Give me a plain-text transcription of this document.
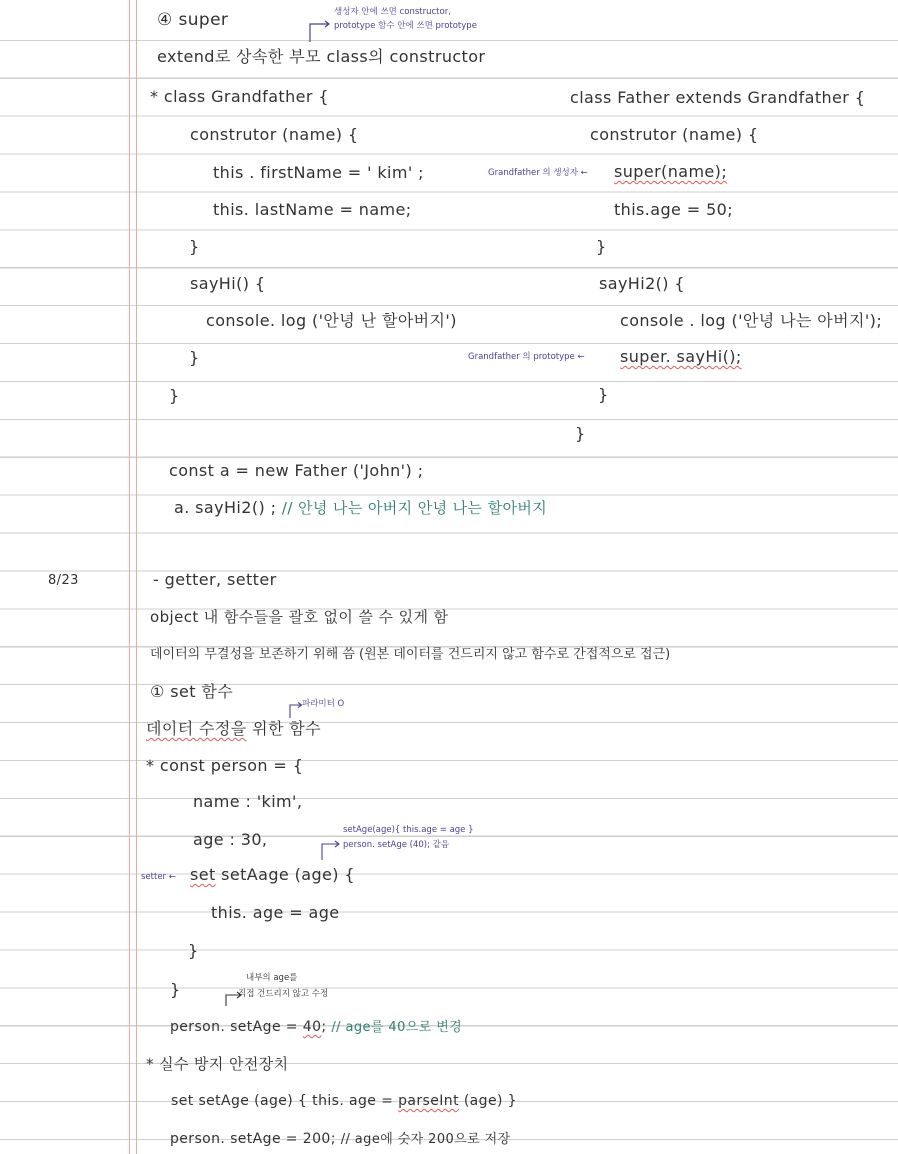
④ super	생성자 안에 쓰면 constructor,
prototype 함수 안에 쓰면 prototype
extend로 상속한 부모 class의 constructor
* class Grandfather {
construtor (name) {
this . firstName = ' kim' ;
this. lastName = name;
}
sayHi() {
console. log ('안녕 난 할아버지')
}
}
class Father extends Grandfather {
construtor (name) {
Grandfather 의 생성자 ← super(name);
this.age = 50;
}
sayHi2() {
console . log ('안녕 나는 아버지');
Grandfather 의 prototype ← super. sayHi();
}
}
const a = new Father ('John') ;
a. sayHi2() ; // 안녕 나는 아버지 안녕 나는 할아버지
8/23	- getter, setter
object 내 함수들을 괄호 없이 쓸 수 있게 함
데이터의 무결성을 보존하기 위해 씀 (원본 데이터를 건드리지 않고 함수로 간접적으로 접근)
① set 함수
파라미터 O
데이터 수정을 위한 함수
* const person = {
name : 'kim',
age : 30,	setAge(age){ this.age = age }
person. setAge (40); 같음
setter ← set setAage (age) {
this. age = age
}
}
내부의 age를
직접 건드리지 않고 수정
person. setAge = 40; // age를 40으로 변경
* 실수 방지 안전장치
set setAge (age) { this. age = parseInt (age) }
person. setAge = 200; // age에 숫자 200으로 저장
